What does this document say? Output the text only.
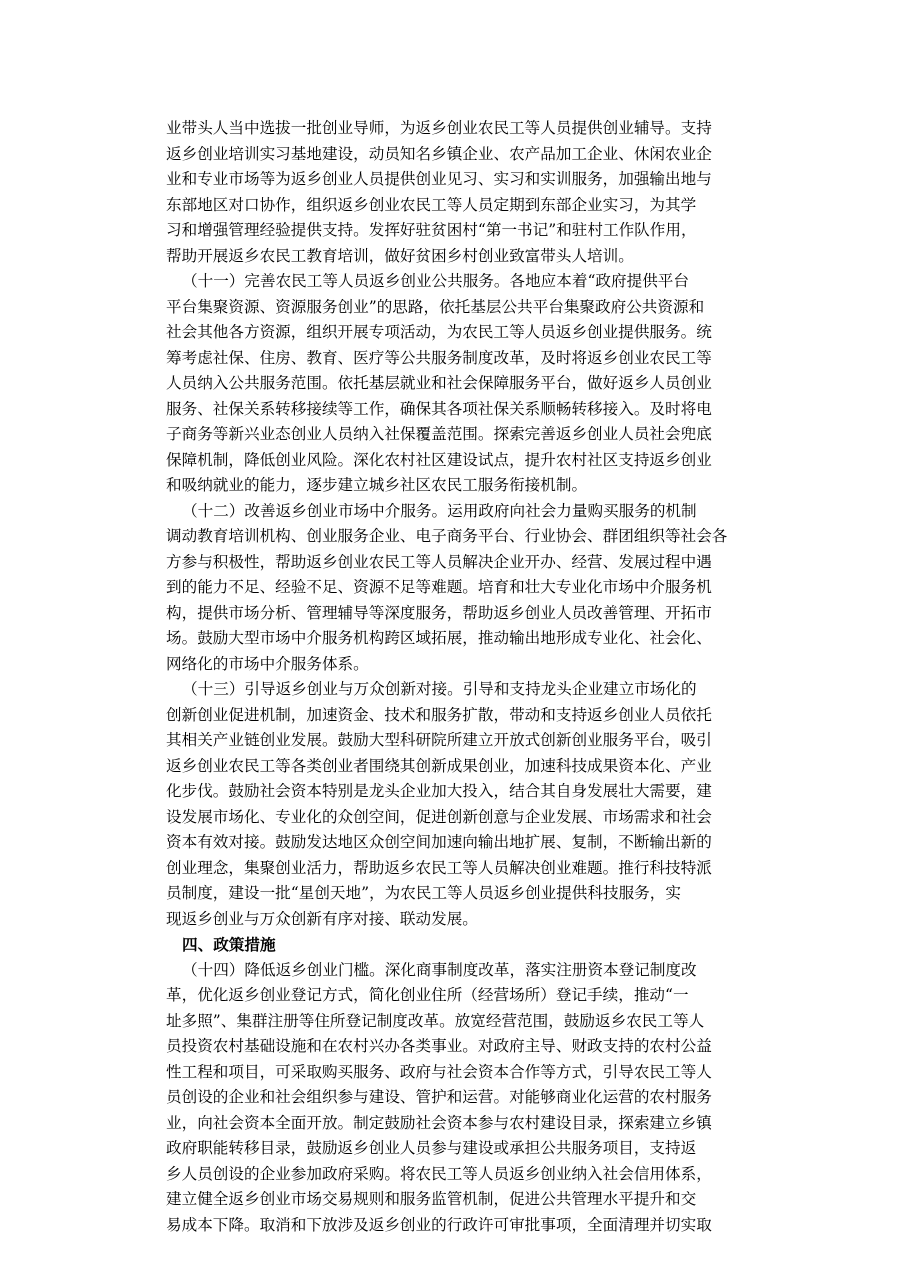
业带头人当中选拔一批创业导师，为返乡创业农民工等人员提供创业辅导。支持
返乡创业培训实习基地建设，动员知名乡镇企业、农产品加工企业、休闲农业企
业和专业市场等为返乡创业人员提供创业见习、实习和实训服务，加强输出地与
东部地区对口协作，组织返乡创业农民工等人员定期到东部企业实习，为其学
习和增强管理经验提供支持。发挥好驻贫困村“第一书记”和驻村工作队作用，
帮助开展返乡农民工教育培训，做好贫困乡村创业致富带头人培训。
（十一）完善农民工等人员返乡创业公共服务。各地应本着“政府提供平台
平台集聚资源、资源服务创业”的思路，依托基层公共平台集聚政府公共资源和
社会其他各方资源，组织开展专项活动，为农民工等人员返乡创业提供服务。统
筹考虑社保、住房、教育、医疗等公共服务制度改革，及时将返乡创业农民工等
人员纳入公共服务范围。依托基层就业和社会保障服务平台，做好返乡人员创业
服务、社保关系转移接续等工作，确保其各项社保关系顺畅转移接入。及时将电
子商务等新兴业态创业人员纳入社保覆盖范围。探索完善返乡创业人员社会兜底
保障机制，降低创业风险。深化农村社区建设试点，提升农村社区支持返乡创业
和吸纳就业的能力，逐步建立城乡社区农民工服务衔接机制。
（十二）改善返乡创业市场中介服务。运用政府向社会力量购买服务的机制
调动教育培训机构、创业服务企业、电子商务平台、行业协会、群团组织等社会各
方参与积极性，帮助返乡创业农民工等人员解决企业开办、经营、发展过程中遇
到的能力不足、经验不足、资源不足等难题。培育和壮大专业化市场中介服务机
构，提供市场分析、管理辅导等深度服务，帮助返乡创业人员改善管理、开拓市
场。鼓励大型市场中介服务机构跨区域拓展，推动输出地形成专业化、社会化、
网络化的市场中介服务体系。
（十三）引导返乡创业与万众创新对接。引导和支持龙头企业建立市场化的
创新创业促进机制，加速资金、技术和服务扩散，带动和支持返乡创业人员依托
其相关产业链创业发展。鼓励大型科研院所建立开放式创新创业服务平台，吸引
返乡创业农民工等各类创业者围绕其创新成果创业，加速科技成果资本化、产业
化步伐。鼓励社会资本特别是龙头企业加大投入，结合其自身发展壮大需要，建
设发展市场化、专业化的众创空间，促进创新创意与企业发展、市场需求和社会
资本有效对接。鼓励发达地区众创空间加速向输出地扩展、复制，不断输出新的
创业理念，集聚创业活力，帮助返乡农民工等人员解决创业难题。推行科技特派
员制度，建设一批“星创天地”，为农民工等人员返乡创业提供科技服务，实
现返乡创业与万众创新有序对接、联动发展。
四、政策措施
（十四）降低返乡创业门槛。深化商事制度改革，落实注册资本登记制度改
革，优化返乡创业登记方式，简化创业住所（经营场所）登记手续，推动“一
址多照”、集群注册等住所登记制度改革。放宽经营范围，鼓励返乡农民工等人
员投资农村基础设施和在农村兴办各类事业。对政府主导、财政支持的农村公益
性工程和项目，可采取购买服务、政府与社会资本合作等方式，引导农民工等人
员创设的企业和社会组织参与建设、管护和运营。对能够商业化运营的农村服务
业，向社会资本全面开放。制定鼓励社会资本参与农村建设目录，探索建立乡镇
政府职能转移目录，鼓励返乡创业人员参与建设或承担公共服务项目，支持返
乡人员创设的企业参加政府采购。将农民工等人员返乡创业纳入社会信用体系，
建立健全返乡创业市场交易规则和服务监管机制，促进公共管理水平提升和交
易成本下降。取消和下放涉及返乡创业的行政许可审批事项，全面清理并切实取
